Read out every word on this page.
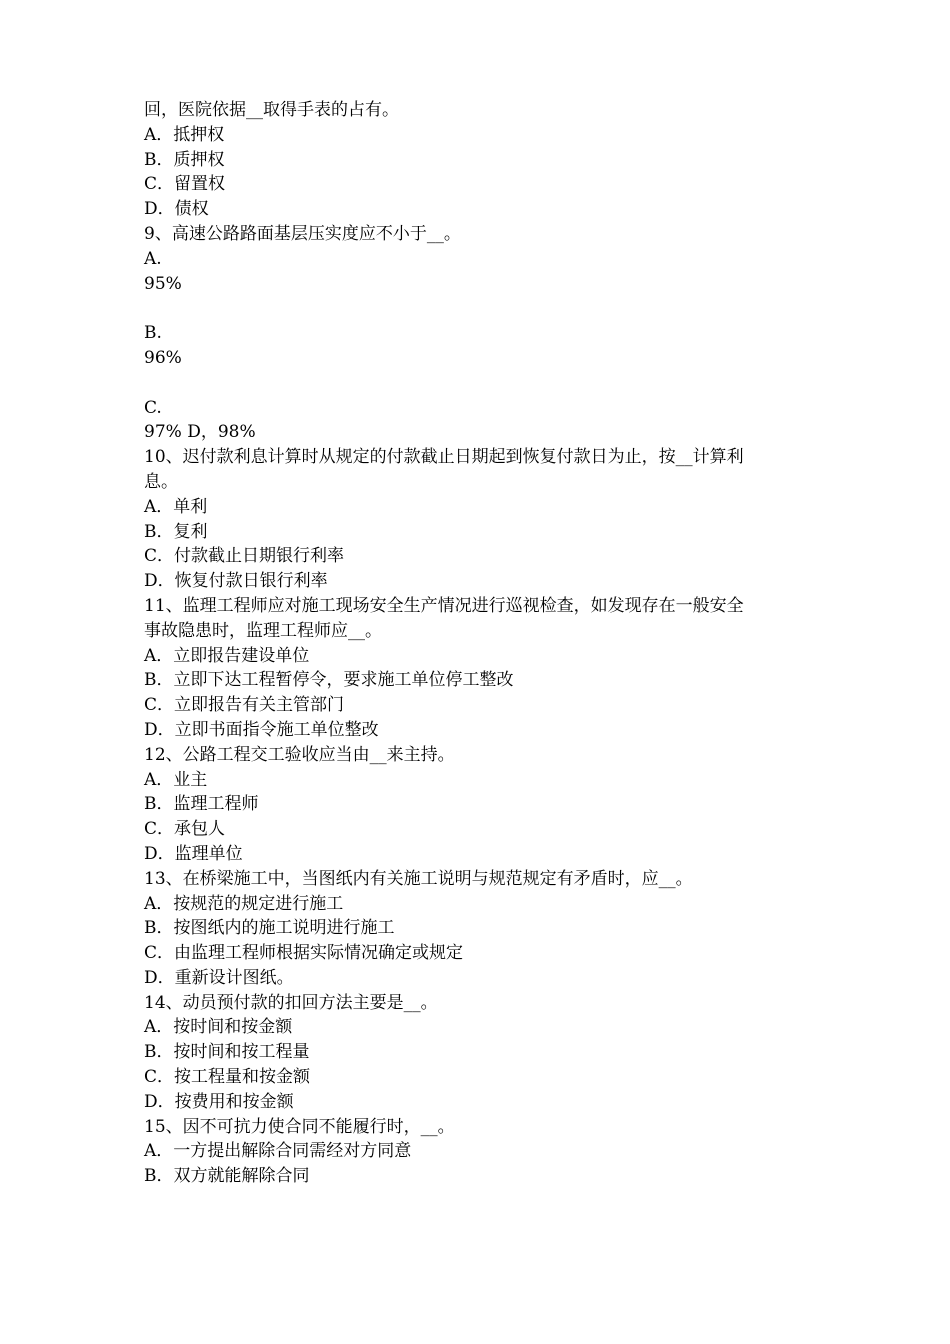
回，医院依据__取得手表的占有。
A．抵押权
B．质押权
C．留置权
D．债权
9、高速公路路面基层压实度应不小于__。
A.
95%
B.
96%
C.
97% D，98%
10、迟付款利息计算时从规定的付款截止日期起到恢复付款日为止，按__计算利
息。
A．单利
B．复利
C．付款截止日期银行利率
D．恢复付款日银行利率
11、监理工程师应对施工现场安全生产情况进行巡视检查，如发现存在一般安全
事故隐患时，监理工程师应__。
A．立即报告建设单位
B．立即下达工程暂停令，要求施工单位停工整改
C．立即报告有关主管部门
D．立即书面指令施工单位整改
12、公路工程交工验收应当由__来主持。
A．业主
B．监理工程师
C．承包人
D．监理单位
13、在桥梁施工中，当图纸内有关施工说明与规范规定有矛盾时，应__。
A．按规范的规定进行施工
B．按图纸内的施工说明进行施工
C．由监理工程师根据实际情况确定或规定
D．重新设计图纸。
14、动员预付款的扣回方法主要是__。
A．按时间和按金额
B．按时间和按工程量
C．按工程量和按金额
D．按费用和按金额
15、因不可抗力使合同不能履行时，__。
A．一方提出解除合同需经对方同意
B．双方就能解除合同
